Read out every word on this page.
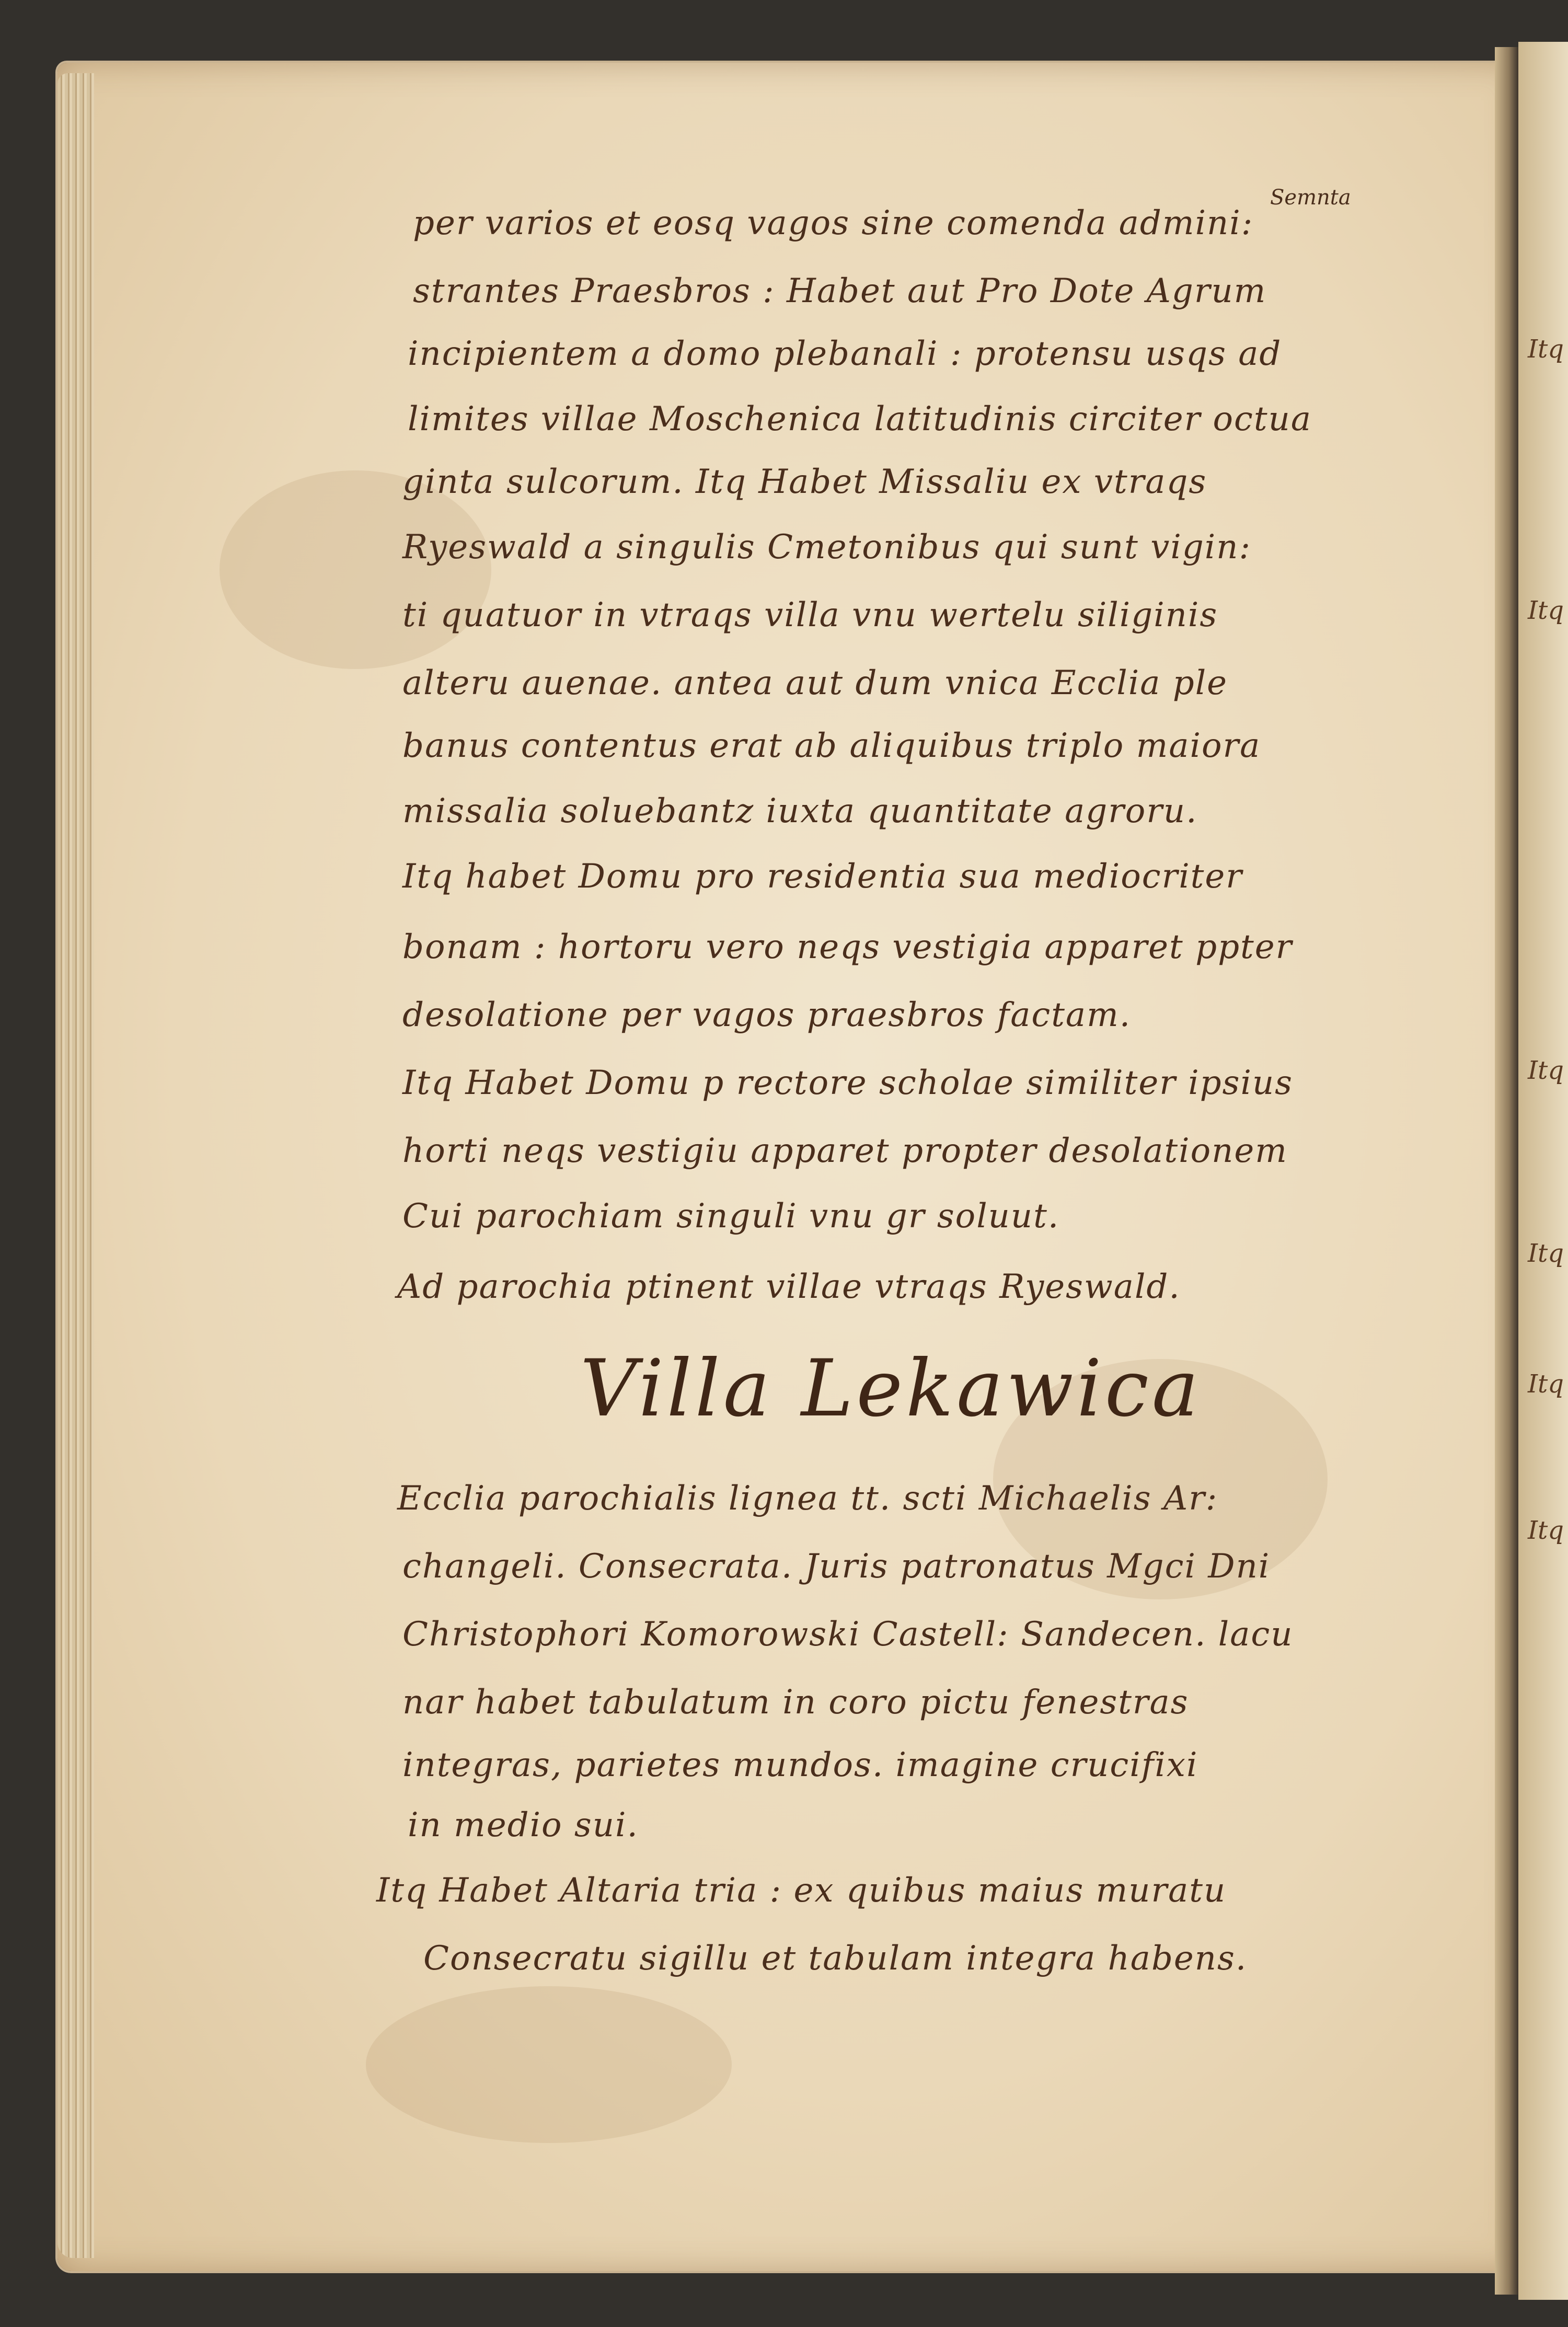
Itq
Itq
Itq
Itq
Itq
Itq
Semnta
per varios et eosq vagos sine comenda admini:
strantes Praesbros : Habet aut Pro Dote Agrum
incipientem a domo plebanali : protensu usqs ad
limites villae Moschenica latitudinis circiter octua
ginta sulcorum. Itq Habet Missaliu ex vtraqs
Ryeswald a singulis Cmetonibus qui sunt vigin:
ti quatuor in vtraqs villa vnu wertelu siliginis
alteru auenae. antea aut dum vnica Ecclia ple
banus contentus erat ab aliquibus triplo maiora
missalia soluebantz iuxta quantitate agroru.
Itq habet Domu pro residentia sua mediocriter
bonam : hortoru vero neqs vestigia apparet ppter
desolatione per vagos praesbros factam.
Itq Habet Domu p rectore scholae similiter ipsius
horti neqs vestigiu apparet propter desolationem
Cui parochiam singuli vnu gr soluut.
Ad parochia ptinent villae vtraqs Ryeswald.
Villa Lekawica
Ecclia parochialis lignea tt. scti Michaelis Ar:
changeli. Consecrata. Juris patronatus Mgci Dni
Christophori Komorowski Castell: Sandecen. lacu
nar habet tabulatum in coro pictu fenestras
integras, parietes mundos. imagine crucifixi
in medio sui.
Itq Habet Altaria tria : ex quibus maius muratu
Consecratu sigillu et tabulam integra habens.
